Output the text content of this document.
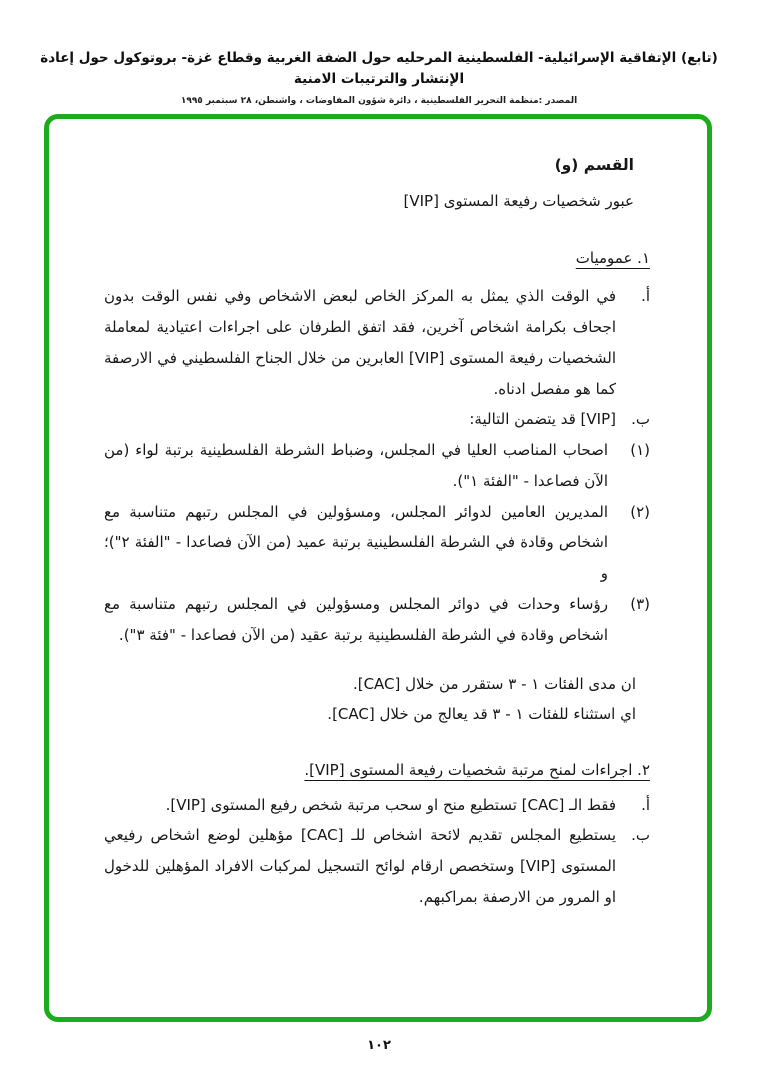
(تابع) الإتفاقية الإسرائيلية- الفلسطينية المرحليه حول الضفة الغربية وقطاع غزة- بروتوكول حول إعادة الإنتشار والترتيبات الامنية
المصدر :منظمة التحرير الفلسطينية ، دائرة شؤون المفاوضات ، واشنطن، ٢٨ سبتمبر ١٩٩٥
القسم (و)
عبور شخصيات رفيعة المستوى [VIP]
١. عموميات
أ.
في الوقت الذي يمثل به المركز الخاص لبعض الاشخاص وفي نفس الوقت بدون اجحاف بكرامة اشخاص آخرين، فقد اتفق الطرفان على اجراءات اعتيادية لمعاملة الشخصيات رفيعة المستوى [VIP] العابرين من خلال الجناح الفلسطيني في الارصفة كما هو مفصل ادناه.
ب.
[VIP] قد يتضمن التالية:
(١)
اصحاب المناصب العليا في المجلس، وضباط الشرطة الفلسطينية برتبة لواء (من الآن فصاعدا - "الفئة ١").
(٢)
المديرين العامين لدوائر المجلس، ومسؤولين في المجلس رتبهم متناسبة مع اشخاص وقادة في الشرطة الفلسطينية برتبة عميد (من الآن فصاعدا - "الفئة ٢")؛ و
(٣)
رؤساء وحدات في دوائر المجلس ومسؤولين في المجلس رتبهم متناسبة مع اشخاص وقادة في الشرطة الفلسطينية برتبة عقيد (من الآن فصاعدا - "فئة ٣").
ان مدى الفئات ١ - ٣ ستقرر من خلال [CAC].
اي استثناء للفئات ١ - ٣ قد يعالج من خلال [CAC].
٢. اجراءات لمنح مرتبة شخصيات رفيعة المستوى [VIP].
أ.
فقط الـ [CAC] تستطيع منح او سحب مرتبة شخص رفيع المستوى [VIP].
ب.
يستطيع المجلس تقديم لائحة اشخاص للـ [CAC] مؤهلين لوضع اشخاص رفيعي المستوى [VIP] وستخصص ارقام لوائح التسجيل لمركبات الافراد المؤهلين للدخول او المرور من الارصفة بمراكبهم.
١٠٢
